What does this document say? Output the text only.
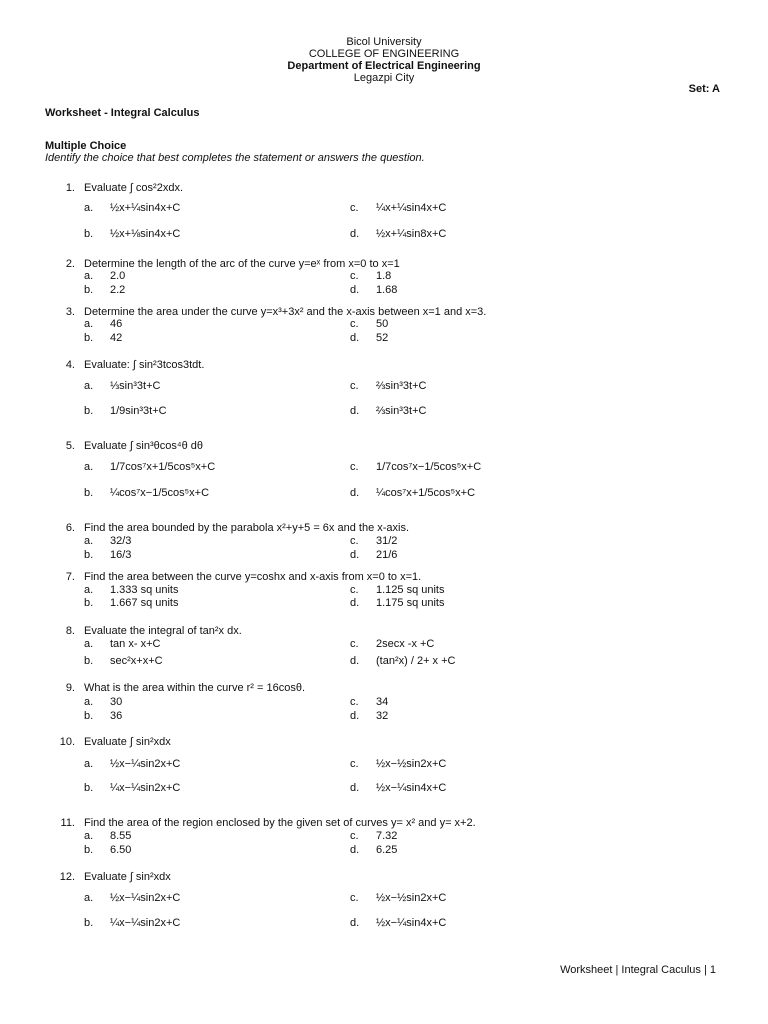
Bicol University
COLLEGE OF ENGINEERING
Department of Electrical Engineering
Legazpi City
Set: A
Worksheet - Integral Calculus
Multiple Choice
Identify the choice that best completes the statement or answers the question.
1. Evaluate ∫ cos²2xdx.
a.	½x+¼sin4x+C	c.	¼x+¼sin4x+C
b.	½x+⅛sin4x+C	d.	½x+¼sin8x+C
2. Determine the length of the arc of the curve y=eˣ from x=0 to x=1
a.	2.0	c.	1.8
b.	2.2	d.	1.68
3. Determine the area under the curve y=x³+3x² and the x-axis between x=1 and x=3.
a.	46	c.	50
b.	42	d.	52
4. Evaluate: ∫ sin²3tcos3tdt.
a.	⅓sin³3t+C	c.	⅔sin³3t+C
b.	1/9sin³3t+C	d.	⅔sin³3t+C
5. Evaluate ∫ sin³θcos⁴θ dθ
a.	1/7cos⁷x+1/5cos⁵x+C	c.	1/7cos⁷x−1/5cos⁵x+C
b.	¼cos⁷x−1/5cos⁵x+C	d.	¼cos⁷x+1/5cos⁵x+C
6. Find the area bounded by the parabola x²+y+5 = 6x and the x-axis.
a.	32/3	c.	31/2
b.	16/3	d.	21/6
7. Find the area between the curve y=coshx and x-axis from x=0 to x=1.
a.	1.333 sq units	c.	1.125 sq units
b.	1.667 sq units	d.	1.175 sq units
8. Evaluate the integral of tan²x dx.
a.	tan x- x+C	c.	2secx -x +C
b.	sec²x+x+C	d.	(tan²x) / 2+ x +C
9. What is the area within the curve r² = 16cosθ.
a.	30	c.	34
b.	36	d.	32
10. Evaluate ∫ sin²xdx
a.	½x−¼sin2x+C	c.	½x−½sin2x+C
b.	¼x−¼sin2x+C	d.	½x−¼sin4x+C
11. Find the area of the region enclosed by the given set of curves y= x² and y= x+2.
a.	8.55	c.	7.32
b.	6.50	d.	6.25
12. Evaluate ∫ sin²xdx
a.	½x−¼sin2x+C	c.	½x−½sin2x+C
b.	¼x−¼sin2x+C	d.	½x−¼sin4x+C
Worksheet | Integral Caculus | 1
